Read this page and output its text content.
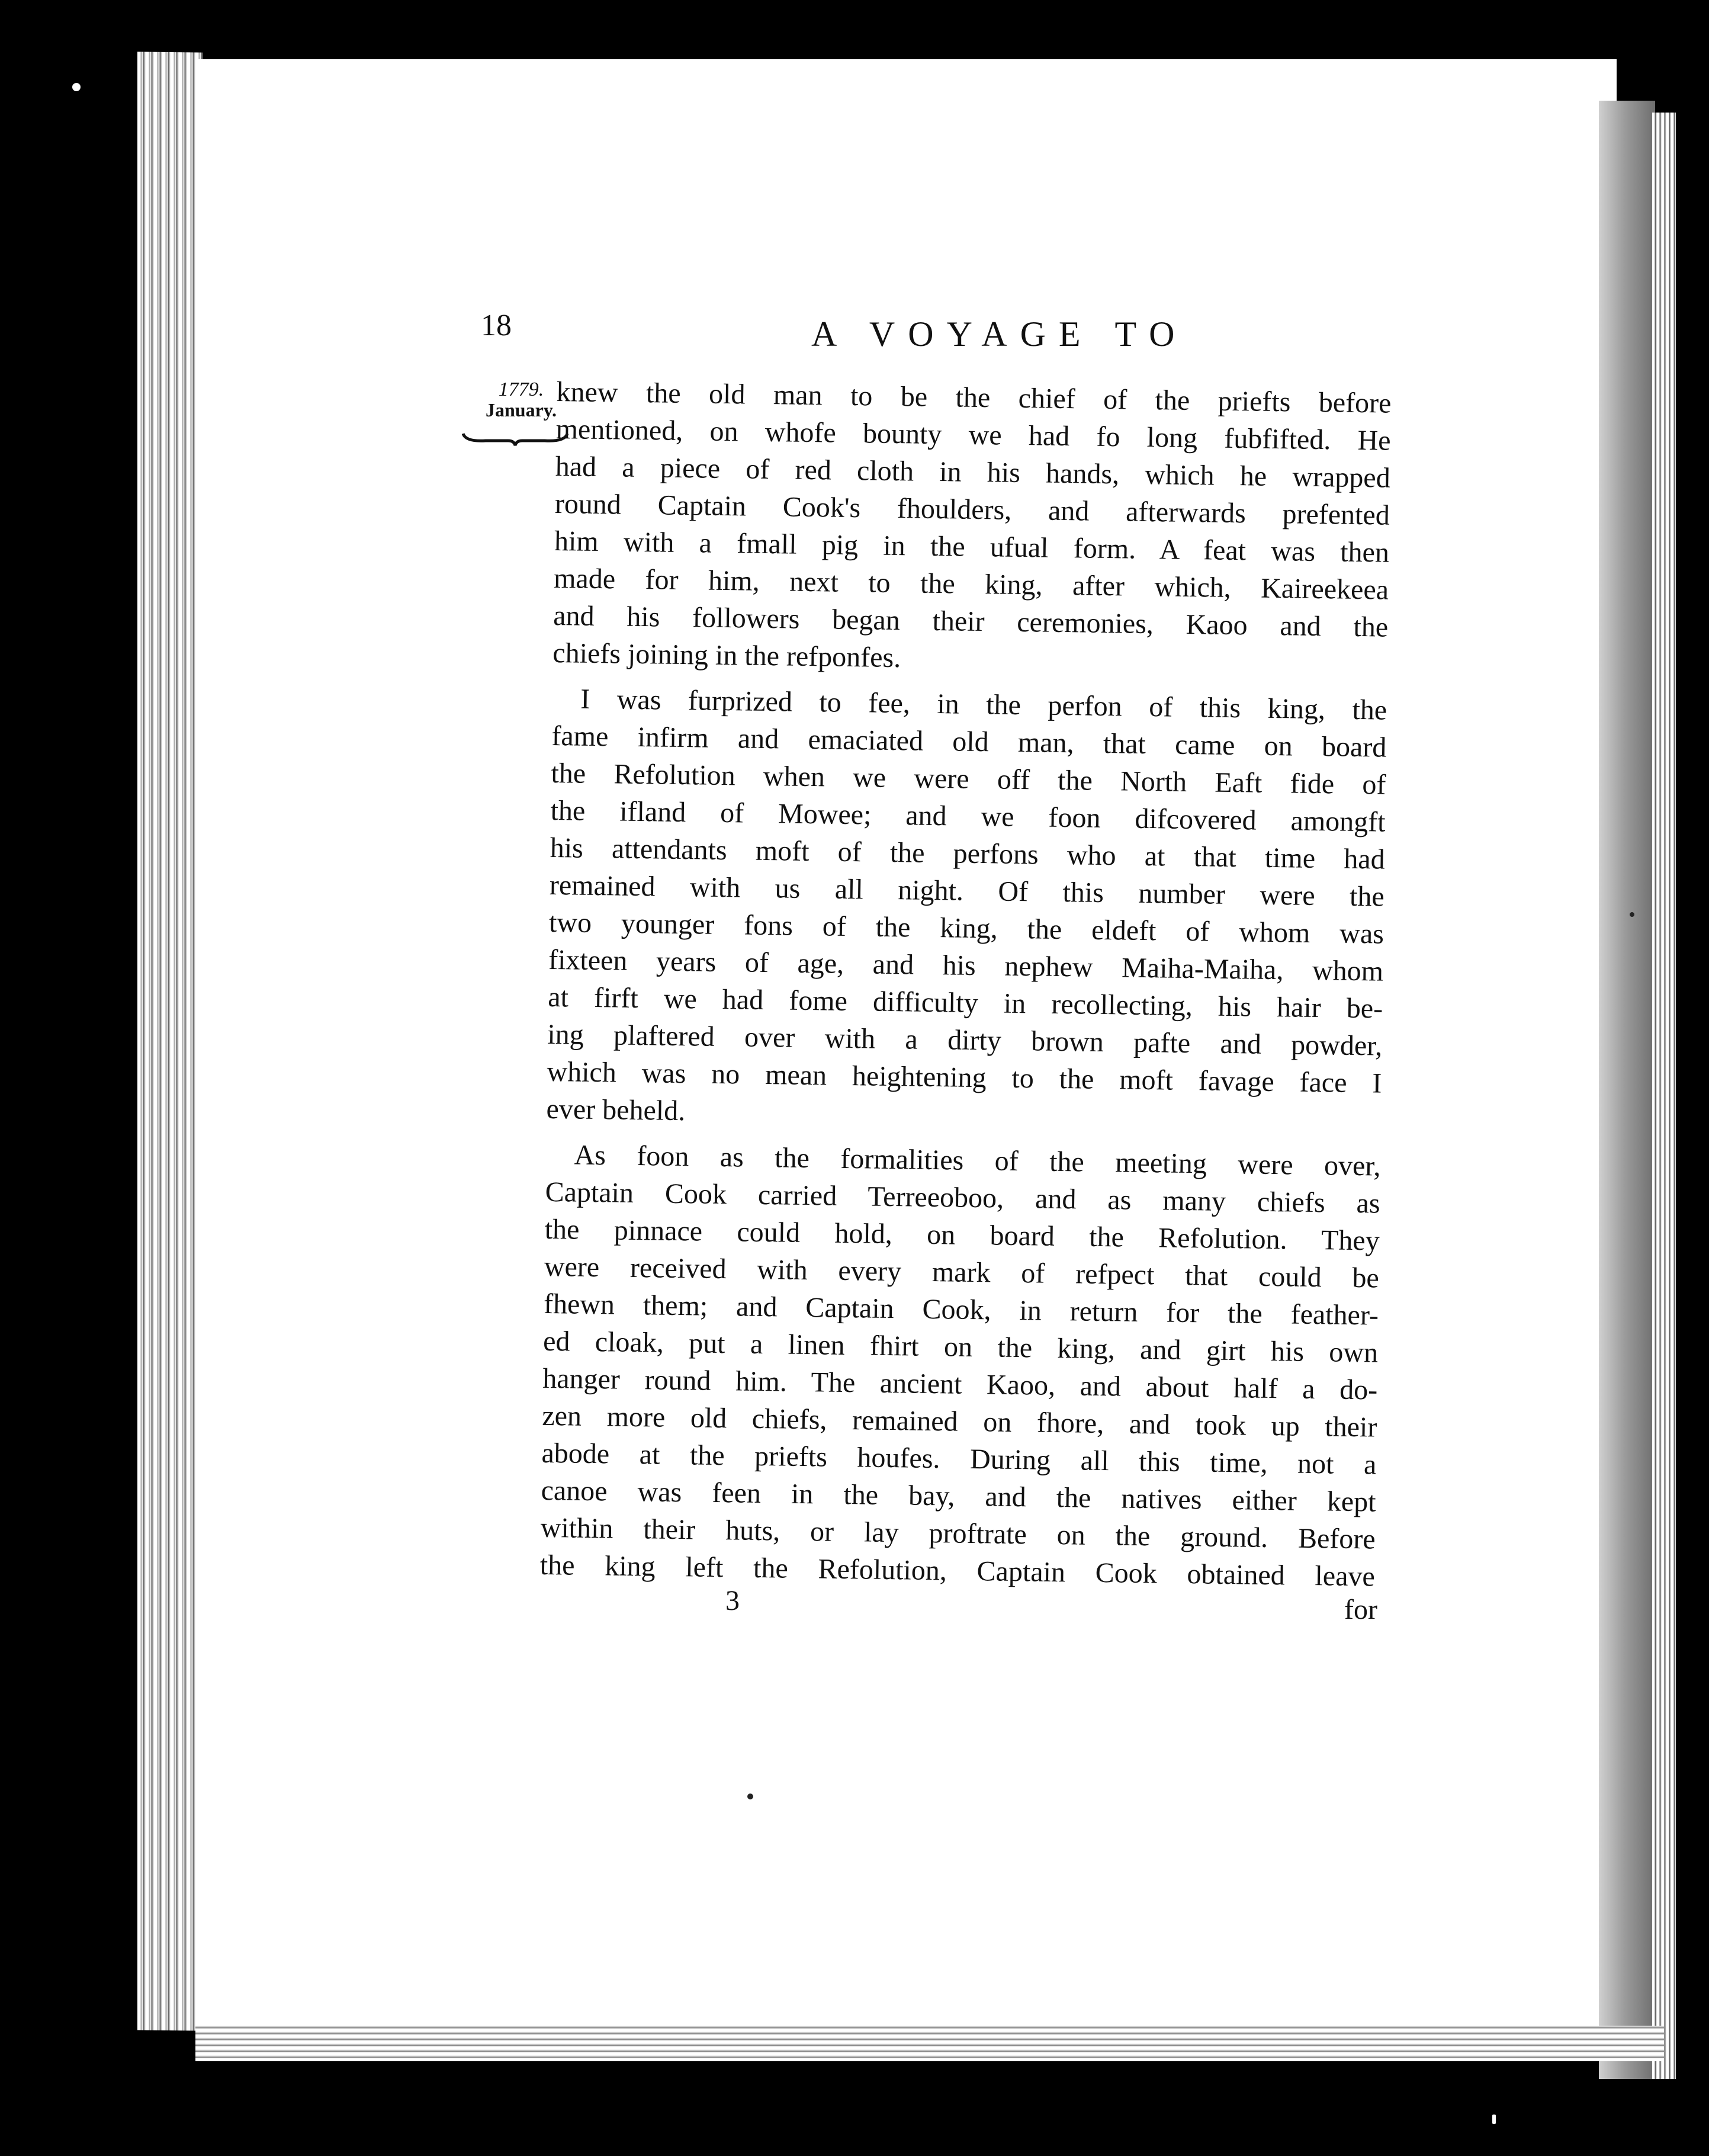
18	A VOYAGE TO
1779.
January. knew the old man to be the chief of the priefts before
mentioned, on whofe bounty we had fo long fubfifted. He
had a piece of red cloth in his hands, which he wrapped
round Captain Cook's fhoulders, and afterwards prefented
him with a fmall pig in the ufual form. A feat was then
made for him, next to the king, after which, Kaireekeea
and his followers began their ceremonies, Kaoo and the
chiefs joining in the refponfes.
I was furprized to fee, in the perfon of this king, the
fame infirm and emaciated old man, that came on board
the Refolution when we were off the North Eaft fide of
the ifland of Mowee; and we foon difcovered amongft
his attendants moft of the perfons who at that time had
remained with us all night. Of this number were the
two younger fons of the king, the eldeft of whom was
fixteen years of age, and his nephew Maiha-Maiha, whom
at firft we had fome difficulty in recollecting, his hair be-
ing plaftered over with a dirty brown pafte and powder,
which was no mean heightening to the moft favage face I
ever beheld.
As foon as the formalities of the meeting were over,
Captain Cook carried Terreeoboo, and as many chiefs as
the pinnace could hold, on board the Refolution. They
were received with every mark of refpect that could be
fhewn them; and Captain Cook, in return for the feather-
ed cloak, put a linen fhirt on the king, and girt his own
hanger round him. The ancient Kaoo, and about half a do-
zen more old chiefs, remained on fhore, and took up their
abode at the priefts houfes. During all this time, not a
canoe was feen in the bay, and the natives either kept
within their huts, or lay proftrate on the ground. Before
the king left the Refolution, Captain Cook obtained leave
3	for
